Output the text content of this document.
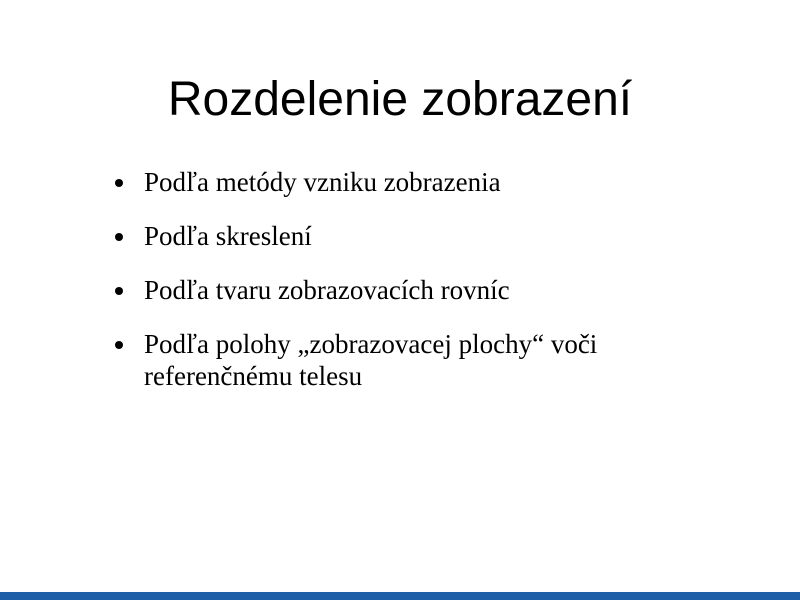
Rozdelenie zobrazení
Podľa metódy vzniku zobrazenia
Podľa skreslení
Podľa tvaru zobrazovacích rovníc
Podľa polohy „zobrazovacej plochy“ voči referenčnému telesu
